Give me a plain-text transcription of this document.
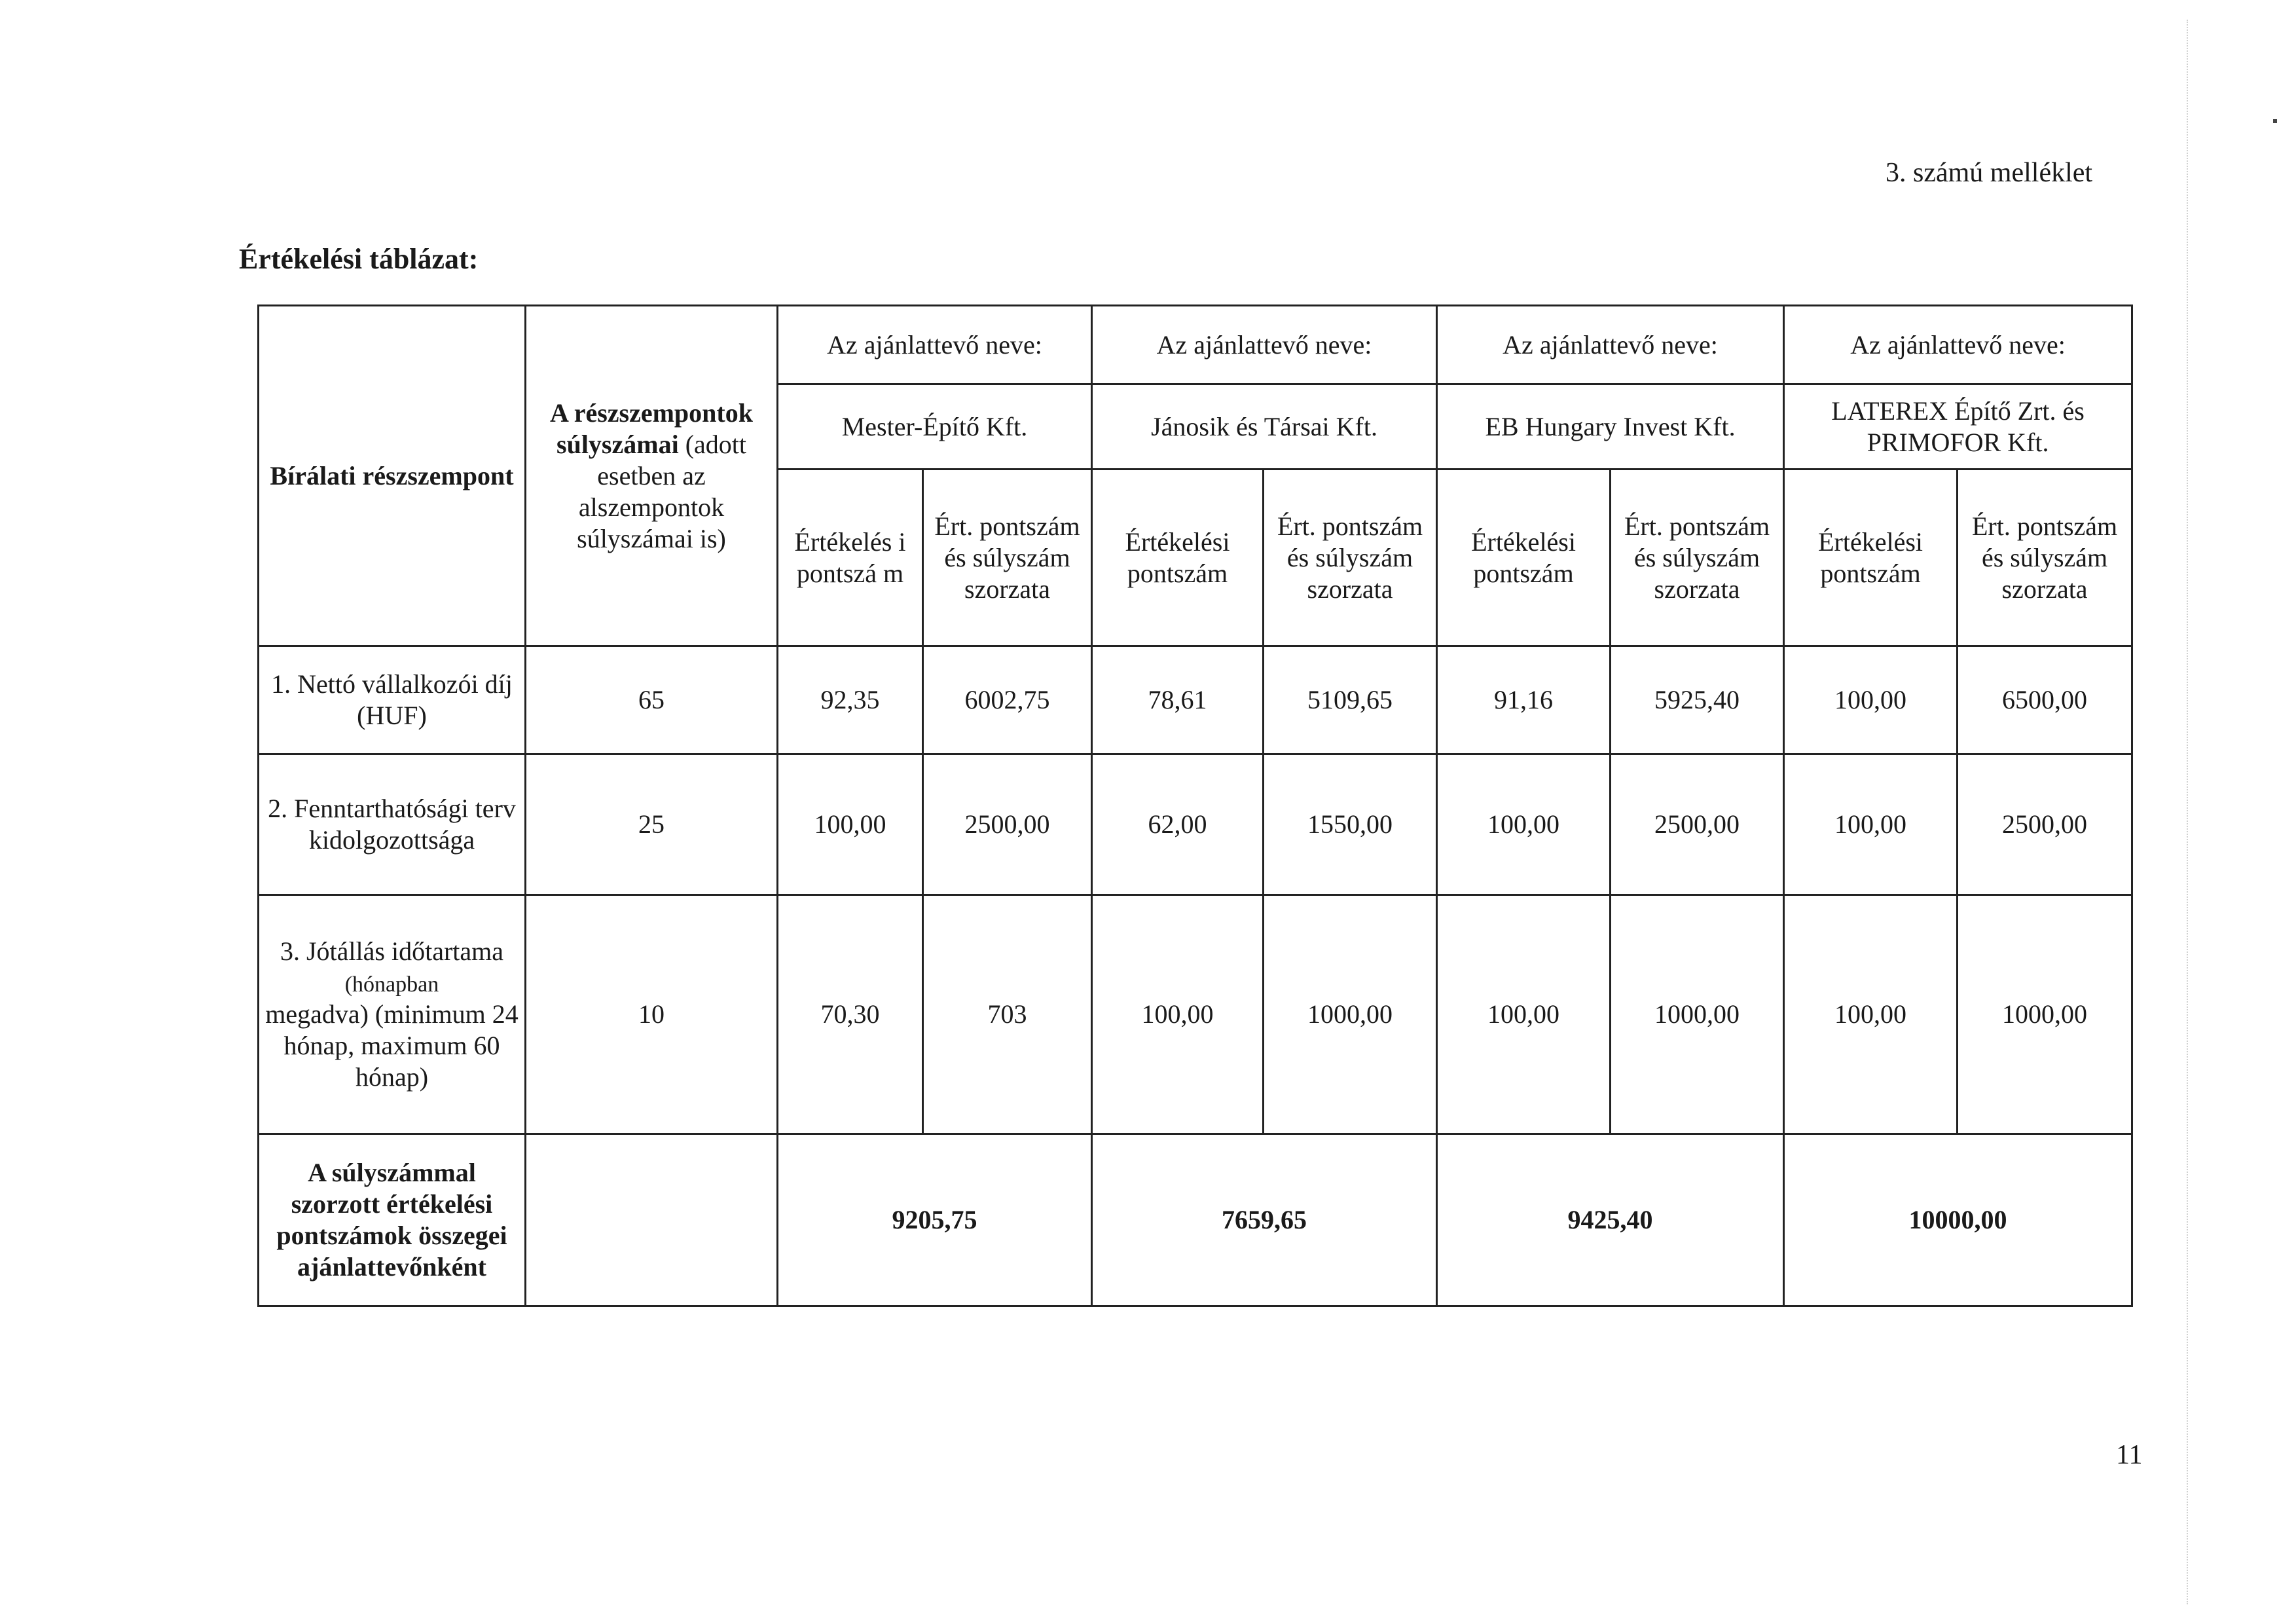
3. számú melléklet
Értékelési táblázat:
Bírálati részszempont	A részszempontok súlyszámai (adott esetben az alszempontok súlyszámai is)	Az ajánlattevő neve:		Az ajánlattevő neve:		Az ajánlattevő neve:		Az ajánlattevő neve:	
		Mester-Építő Kft.		Jánosik és Társai Kft.		EB Hungary Invest Kft.		LATEREX Építő Zrt. és PRIMOFOR Kft.	
		Értékelés i pontszá m	Ért. pontszám és súlyszám szorzata	Értékelési pontszám	Ért. pontszám és súlyszám szorzata	Értékelési pontszám	Ért. pontszám és súlyszám szorzata	Értékelési pontszám	Ért. pontszám és súlyszám szorzata
1. Nettó vállalkozói díj (HUF)	65	92,35	6002,75	78,61	5109,65	91,16	5925,40	100,00	6500,00
2. Fenntarthatósági terv kidolgozottsága	25	100,00	2500,00	62,00	1550,00	100,00	2500,00	100,00	2500,00
3. Jótállás időtartama
(hónapban
megadva) (minimum 24 hónap, maximum 60 hónap)	10	70,30	703	100,00	1000,00	100,00	1000,00	100,00	1000,00
A súlyszámmal szorzott értékelési pontszámok összegei ajánlattevőnként		9205,75		7659,65		9425,40		10000,00	
11
